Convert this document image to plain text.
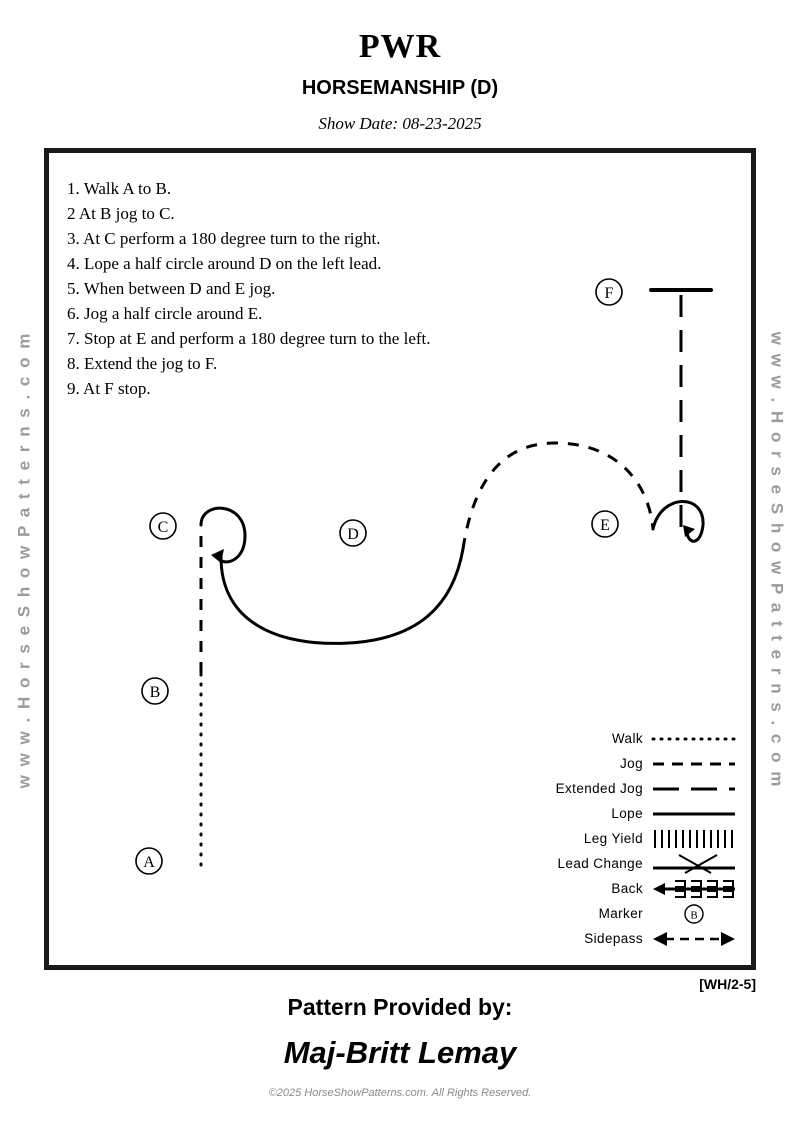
PWR
HORSEMANSHIP (D)
Show Date: 08-23-2025
w w w . H o r s e S h o w P a t t e r n s . c o m	w w w . H o r s e S h o w P a t t e r n s . c o m
1. Walk A to B.
2 At B jog to C.
3. At C perform a 180 degree turn to the right.
4. Lope a half circle around D on the left lead.
5. When between D and E jog.
6. Jog a half circle around E.
7. Stop at E and perform a 180 degree turn to the left.
8. Extend the jog to F.
9. At F stop.
A
B
C	D
E
F
Walk
Jog
Extended Jog
Lope
Leg Yield
Lead Change
Back
Marker	B
Sidepass
[WH/2-5]
Pattern Provided by:
Maj-Britt Lemay
©2025 HorseShowPatterns.com. All Rights Reserved.
